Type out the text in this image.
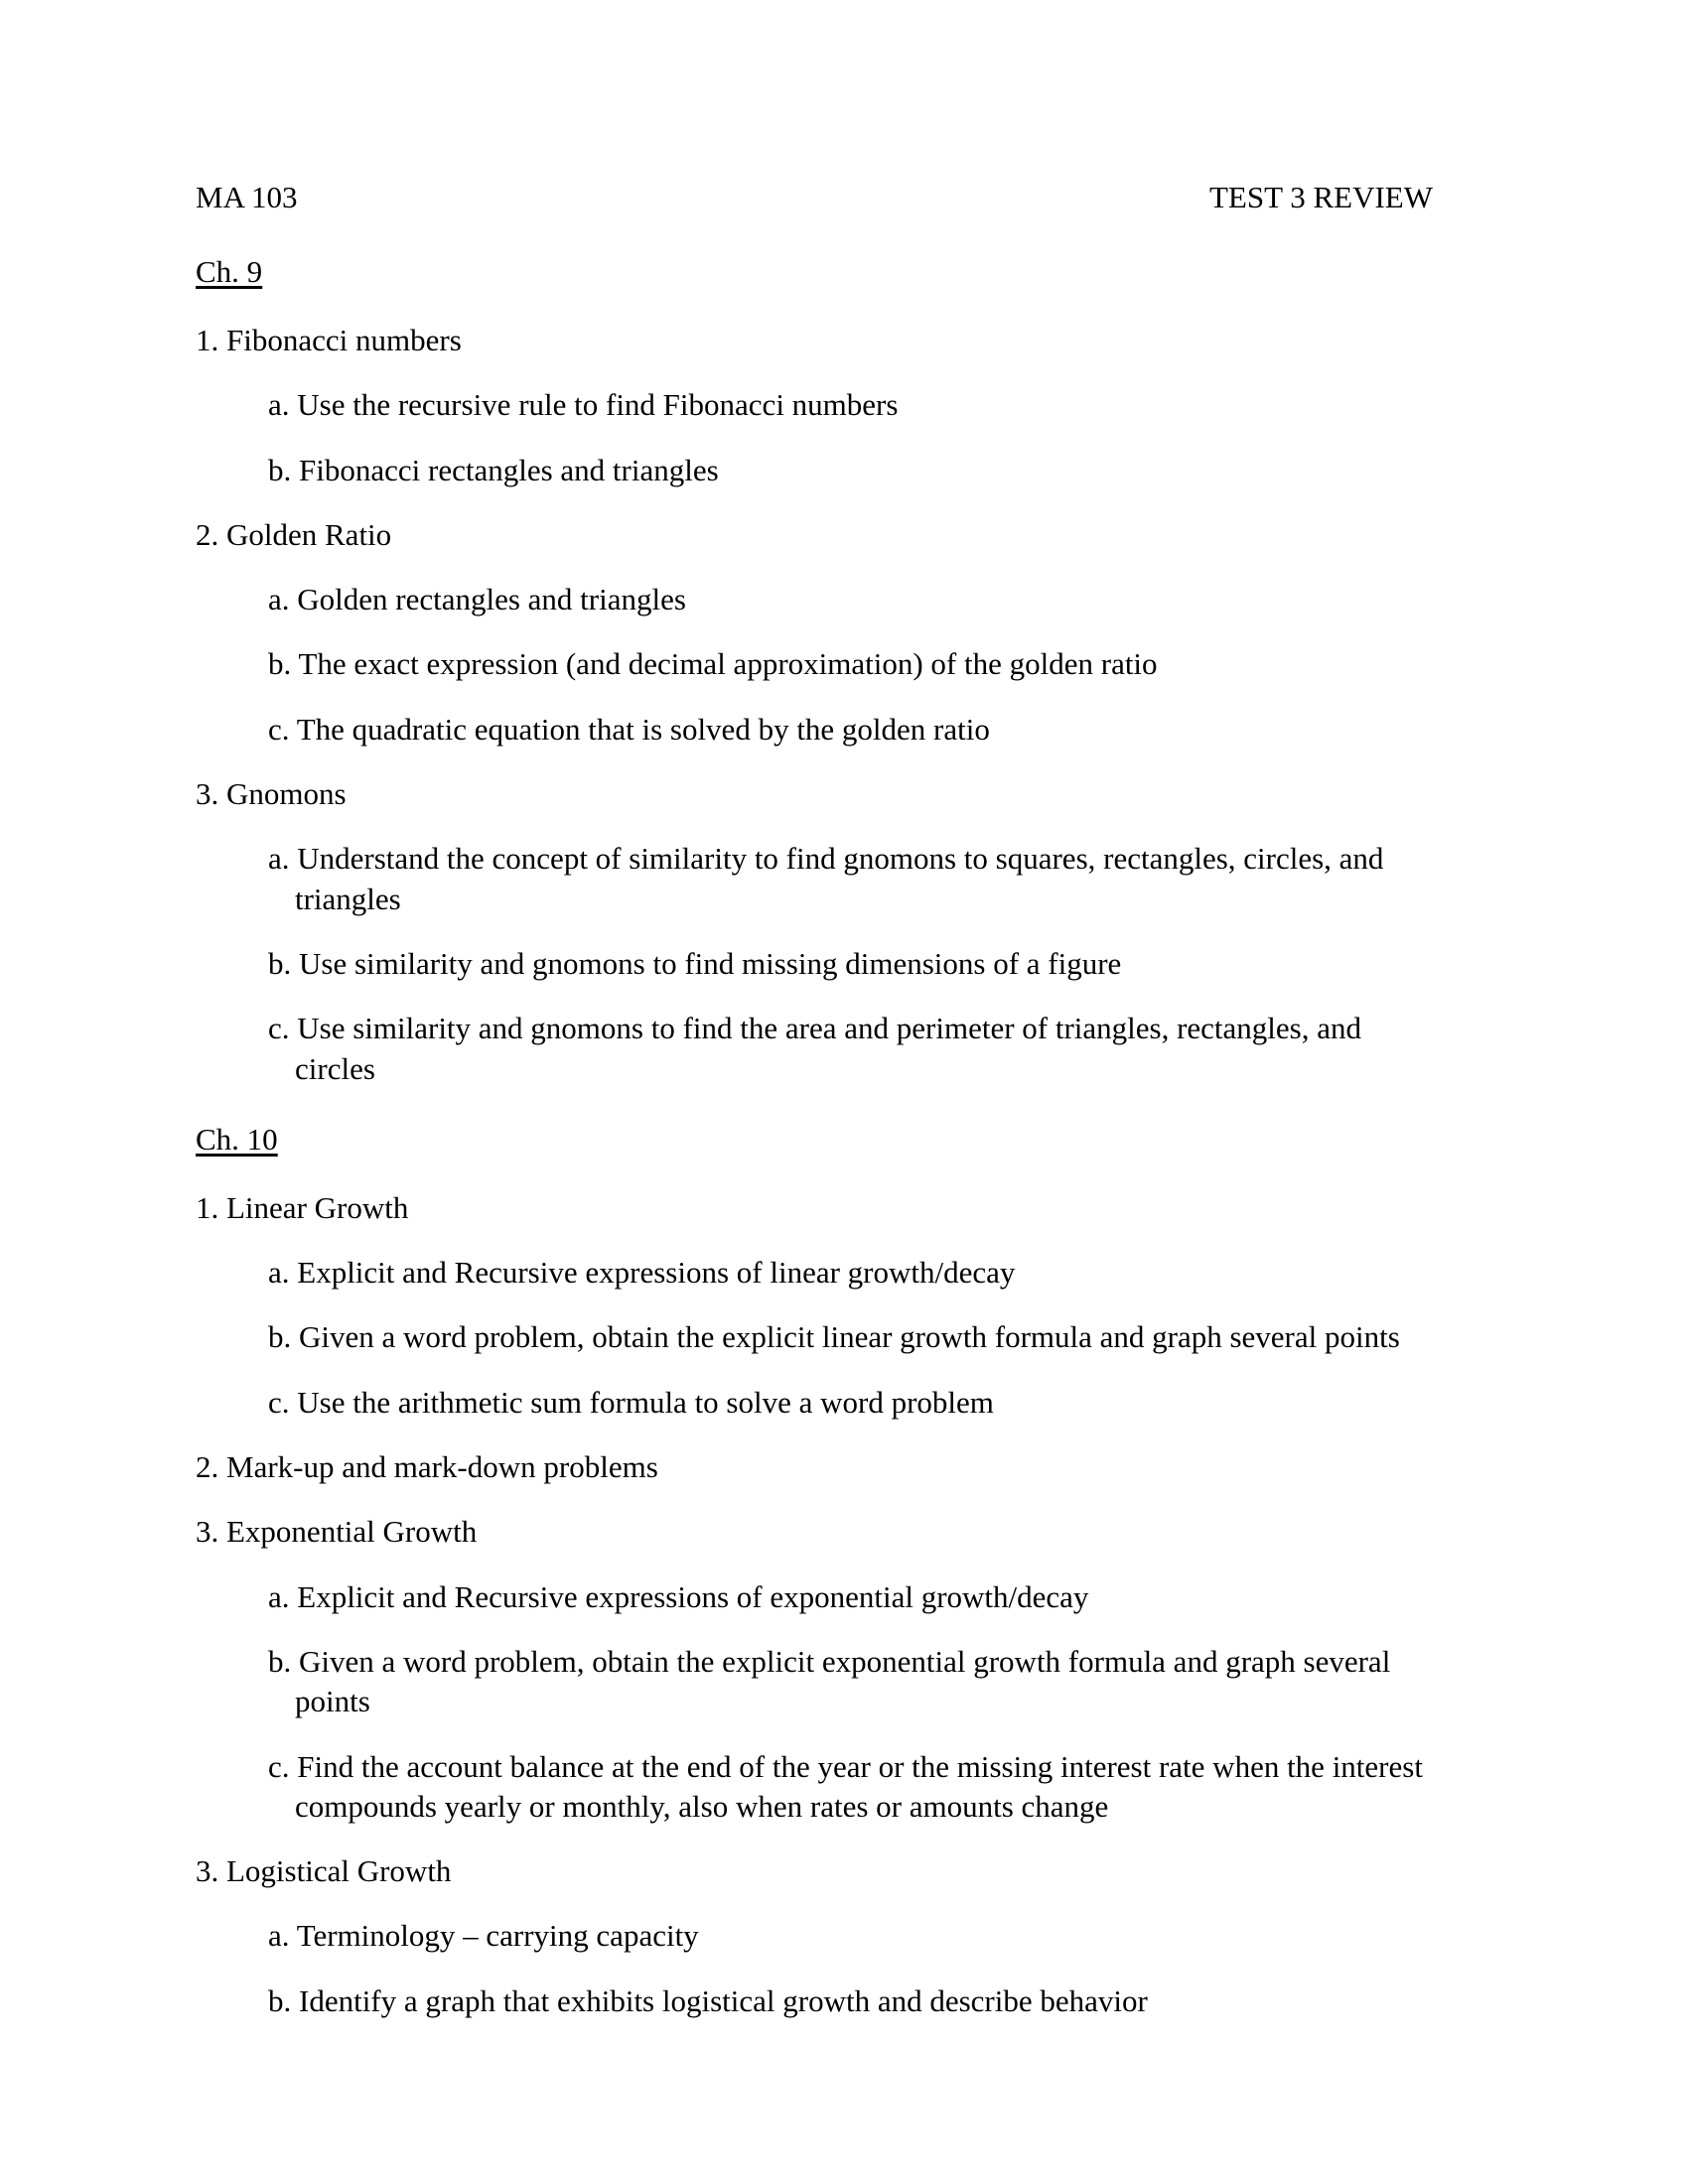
MA 103	TEST 3 REVIEW
Ch. 9
1. Fibonacci numbers
a. Use the recursive rule to find Fibonacci numbers
b. Fibonacci rectangles and triangles
2. Golden Ratio
a. Golden rectangles and triangles
b. The exact expression (and decimal approximation) of the golden ratio
c. The quadratic equation that is solved by the golden ratio
3. Gnomons
a. Understand the concept of similarity to find gnomons to squares, rectangles, circles, and triangles
b. Use similarity and gnomons to find missing dimensions of a figure
c. Use similarity and gnomons to find the area and perimeter of triangles, rectangles, and circles
Ch. 10
1. Linear Growth
a. Explicit and Recursive expressions of linear growth/decay
b. Given a word problem, obtain the explicit linear growth formula and graph several points
c. Use the arithmetic sum formula to solve a word problem
2. Mark-up and mark-down problems
3. Exponential Growth
a. Explicit and Recursive expressions of exponential growth/decay
b. Given a word problem, obtain the explicit exponential growth formula and graph several points
c. Find the account balance at the end of the year or the missing interest rate when the interest compounds yearly or monthly, also when rates or amounts change
3. Logistical Growth
a. Terminology – carrying capacity
b. Identify a graph that exhibits logistical growth and describe behavior
